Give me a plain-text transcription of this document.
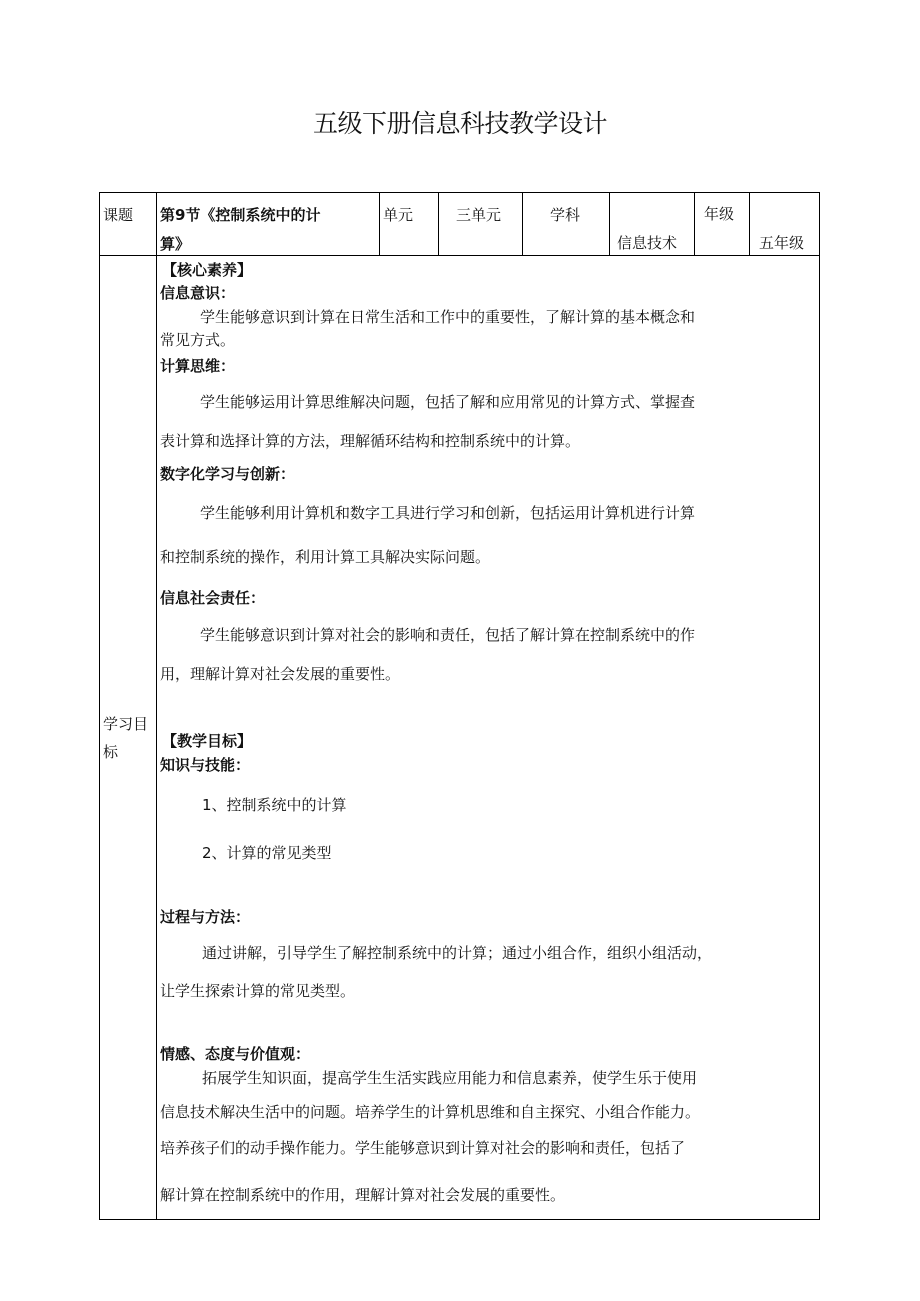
五级下册信息科技教学设计
课题 第9节《控制系统中的计
算》
单元	三单元	学科
信息技术
年级
五年级
学习目
标
【核心素养】
信息意识：
学生能够意识到计算在日常生活和工作中的重要性，了解计算的基本概念和
常见方式。
计算思维：
学生能够运用计算思维解决问题，包括了解和应用常见的计算方式、掌握查
表计算和选择计算的方法，理解循环结构和控制系统中的计算。
数字化学习与创新：
学生能够利用计算机和数字工具进行学习和创新，包括运用计算机进行计算
和控制系统的操作，利用计算工具解决实际问题。
信息社会责任：
学生能够意识到计算对社会的影响和责任，包括了解计算在控制系统中的作
用，理解计算对社会发展的重要性。
【教学目标】
知识与技能：
1、控制系统中的计算
2、计算的常见类型
过程与方法：
通过讲解，引导学生了解控制系统中的计算；通过小组合作，组织小组活动，
让学生探索计算的常见类型。
情感、态度与价值观：
拓展学生知识面，提高学生生活实践应用能力和信息素养，使学生乐于使用
信息技术解决生活中的问题。培养学生的计算机思维和自主探究、小组合作能力。
培养孩子们的动手操作能力。学生能够意识到计算对社会的影响和责任，包括了
解计算在控制系统中的作用，理解计算对社会发展的重要性。
